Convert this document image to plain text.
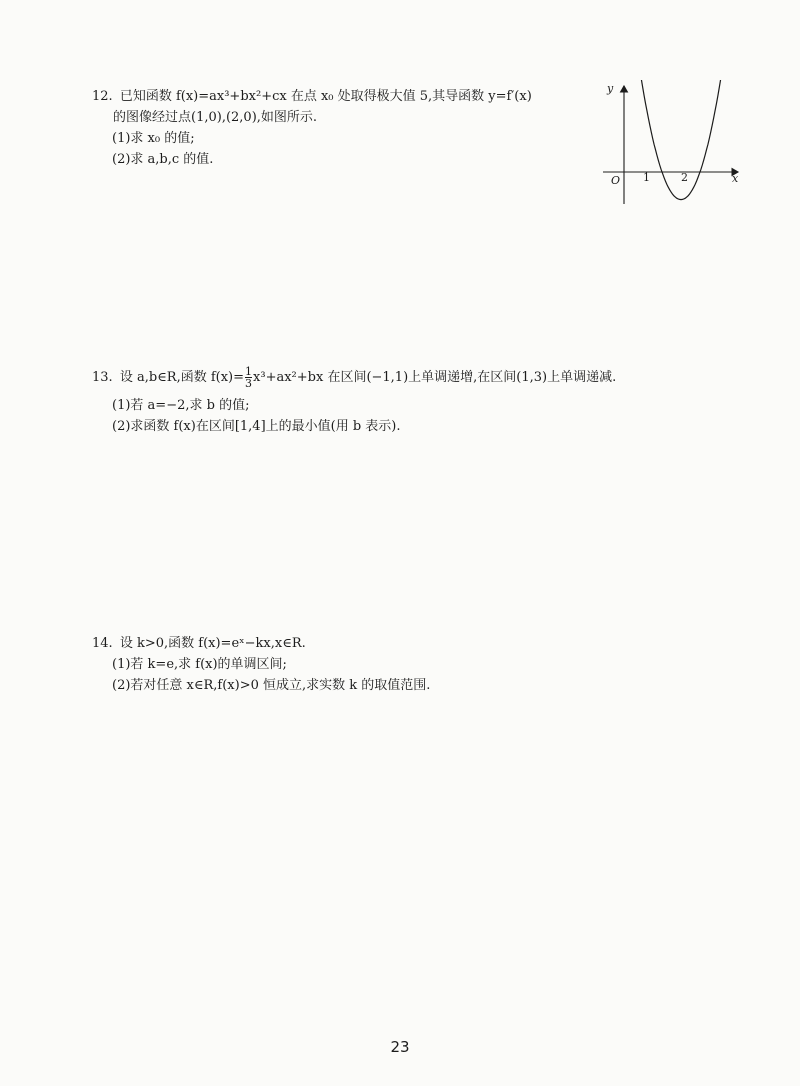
12. 已知函数 f(x)=ax³+bx²+cx 在点 x₀ 处取得极大值 5,其导函数 y=f′(x)
的图像经过点(1,0),(2,0),如图所示.
(1)求 x₀ 的值;
(2)求 a,b,c 的值.
y
x
O 1	2
13. 设 a,b∈R,函数 $f(x)= \frac{1}{3} x^3+ax^2+bx$ 在区间(−1,1)上单调递增,在区间(1,3)上单调递减.
(1)若 a=−2,求 b 的值;
(2)求函数 f(x)在区间[1,4]上的最小值(用 b 表示).
14. 设 k>0,函数 f(x)=eˣ−kx,x∈R.
(1)若 k=e,求 f(x)的单调区间;
(2)若对任意 x∈R,f(x)>0 恒成立,求实数 k 的取值范围.
23
